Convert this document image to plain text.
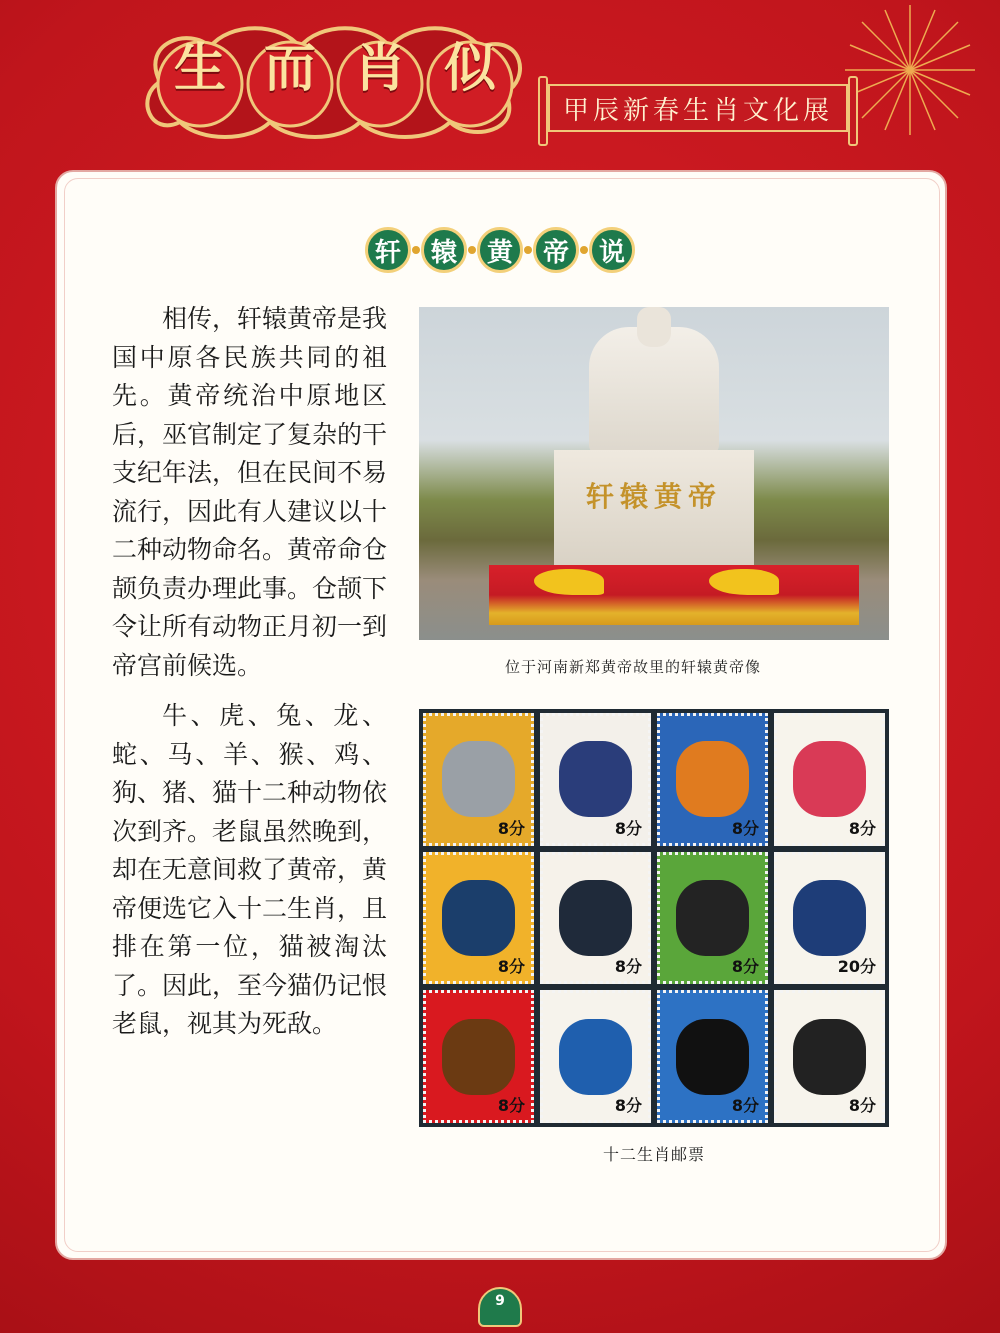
生 而 肖 似
甲辰新春生肖文化展
轩	辕	黄	帝	说

相传，轩辕黄帝是我国中原各民族共同的祖先。黄帝统治中原地区后，巫官制定了复杂的干支纪年法，但在民间不易流行，因此有人建议以十二种动物命名。黄帝命仓颉负责办理此事。仓颉下令让所有动物正月初一到帝宫前候选。

牛、虎、兔、龙、蛇、马、羊、猴、鸡、狗、猪、猫十二种动物依次到齐。老鼠虽然晚到，却在无意间救了黄帝，黄帝便选它入十二生肖，且排在第一位，猫被淘汰了。因此，至今猫仍记恨老鼠，视其为死敌。

轩辕黄帝
位于河南新郑黄帝故里的轩辕黄帝像
8分	8分	8分	8分
8分	8分	8分	20分
8分	8分	8分	8分
十二生肖邮票
9
